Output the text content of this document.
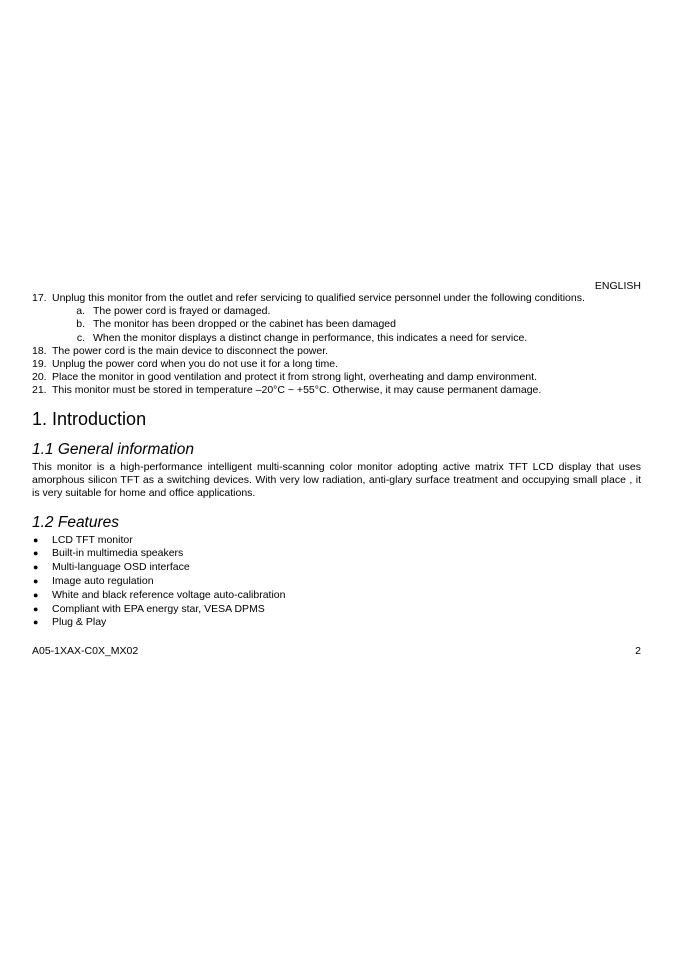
ENGLISH
17. Unplug this monitor from the outlet and refer servicing to qualified service personnel under the following conditions.
a. The power cord is frayed or damaged.
b. The monitor has been dropped or the cabinet has been damaged
c. When the monitor displays a distinct change in performance, this indicates a need for service.
18. The power cord is the main device to disconnect the power.
19. Unplug the power cord when you do not use it for a long time.
20. Place the monitor in good ventilation and protect it from strong light, overheating and damp environment.
21. This monitor must be stored in temperature –20°C ~ +55°C. Otherwise, it may cause permanent damage.
1. Introduction
1.1 General information

This monitor is a high-performance intelligent multi-scanning color monitor adopting active matrix TFT LCD display that uses amorphous silicon TFT as a switching devices. With very low radiation, anti-glary surface treatment and occupying small place , it is very suitable for home and office applications.

1.2 Features
●	LCD TFT monitor
●	Built-in multimedia speakers
●	Multi-language OSD interface
●	Image auto regulation
●	White and black reference voltage auto-calibration
●	Compliant with EPA energy star, VESA DPMS
●	Plug & Play
A05-1XAX-C0X_MX02	2
